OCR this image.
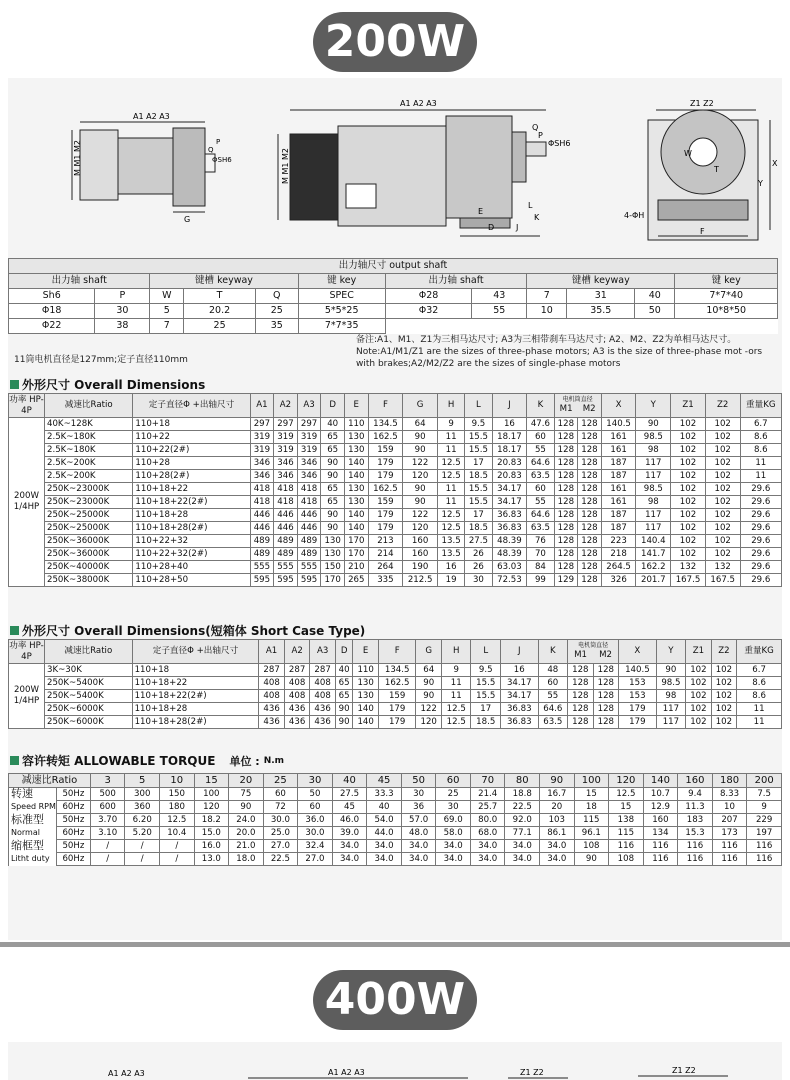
200W
A1 A2 A3
M M1 M2	Q
ΦSH6
P
G
A1 A2 A3
M M1 M2
Q
P
ΦSH6
E
D
L
K
J
Z1 Z2
W
T
X
Y
4-ΦH
F
出力轴尺寸 output shaft											
出力轴 shaft		键槽 keyway			键 key	出力轴 shaft		键槽 keyway			键 key
Sh6	P	W	T	Q	SPEC	Φ28	43	7	31	40	7*7*40
Φ18	30	5	20.2	25	5*5*25	Φ32	55	10	35.5	50	10*8*50
Φ22	38	7	25	35	7*7*35						
11筒电机直径是127mm;定子直径110mm
备注:A1、M1、Z1为三相马达尺寸; A3为三相带刹车马达尺寸; A2、M2、Z2为单相马达尺寸。
Note:A1/M1/Z1 are the sizes of three-phase motors; A3 is the size of three-phase mot -ors with brakes;A2/M2/Z2 are the sizes of single-phase motors
外形尺寸 Overall Dimensions
功率 HP-4P	减速比Ratio	定子直径Φ +出轴尺寸	A1	A2	A3	D	E	F	G	H	L	J	K	电机筒直径
M1 M2		X	Y	Z1	Z2	重量KG
200W 1/4HP	40K~128K	110+18	297	297	297	40	110	134.5	64	9	9.5	16	47.6	128	128	140.5	90	102	102	6.7
	2.5K~180K	110+22	319	319	319	65	130	162.5	90	11	15.5	18.17	60	128	128	161	98.5	102	102	8.6
	2.5K~180K	110+22(2#)	319	319	319	65	130	159	90	11	15.5	18.17	55	128	128	161	98	102	102	8.6
	2.5K~200K	110+28	346	346	346	90	140	179	122	12.5	17	20.83	64.6	128	128	187	117	102	102	11
	2.5K~200K	110+28(2#)	346	346	346	90	140	179	120	12.5	18.5	20.83	63.5	128	128	187	117	102	102	11
	250K~23000K	110+18+22	418	418	418	65	130	162.5	90	11	15.5	34.17	60	128	128	161	98.5	102	102	29.6
	250K~23000K	110+18+22(2#)	418	418	418	65	130	159	90	11	15.5	34.17	55	128	128	161	98	102	102	29.6
	250K~25000K	110+18+28	446	446	446	90	140	179	122	12.5	17	36.83	64.6	128	128	187	117	102	102	29.6
	250K~25000K	110+18+28(2#)	446	446	446	90	140	179	120	12.5	18.5	36.83	63.5	128	128	187	117	102	102	29.6
	250K~36000K	110+22+32	489	489	489	130	170	213	160	13.5	27.5	48.39	76	128	128	223	140.4	102	102	29.6
	250K~36000K	110+22+32(2#)	489	489	489	130	170	214	160	13.5	26	48.39	70	128	128	218	141.7	102	102	29.6
	250K~40000K	110+28+40	555	555	555	150	210	264	190	16	26	63.03	84	128	128	264.5	162.2	132	132	29.6
	250K~38000K	110+28+50	595	595	595	170	265	335	212.5	19	30	72.53	99	129	128	326	201.7	167.5	167.5	29.6
外形尺寸 Overall Dimensions(短箱体 Short Case Type)
功率 HP-4P	减速比Ratio	定子直径Φ +出轴尺寸	A1	A2	A3	D	E	F	G	H	L	J	K	电机筒直径
M1 M2		X	Y	Z1	Z2	重量KG
200W 1/4HP	3K~30K	110+18	287	287	287	40	110	134.5	64	9	9.5	16	48	128	128	140.5	90	102	102	6.7
	250K~5400K	110+18+22	408	408	408	65	130	162.5	90	11	15.5	34.17	60	128	128	153	98.5	102	102	8.6
	250K~5400K	110+18+22(2#)	408	408	408	65	130	159	90	11	15.5	34.17	55	128	128	153	98	102	102	8.6
	250K~6000K	110+18+28	436	436	436	90	140	179	122	12.5	17	36.83	64.6	128	128	179	117	102	102	11
	250K~6000K	110+18+28(2#)	436	436	436	90	140	179	120	12.5	18.5	36.83	63.5	128	128	179	117	102	102	11
容许转矩 ALLOWABLE TORQUE 单位 : N.m
减速比Ratio		3	5	10	15	20	25	30	40	45	50	60	70	80	90	100	120	140	160	180	200
转速	50Hz	500	300	150	100	75	60	50	27.5	33.3	30	25	21.4	18.8	16.7	15	12.5	10.7	9.4	8.33	7.5
Speed RPM	60Hz	600	360	180	120	90	72	60	45	40	36	30	25.7	22.5	20	18	15	12.9	11.3	10	9
标准型	50Hz	3.70	6.20	12.5	18.2	24.0	30.0	36.0	46.0	54.0	57.0	69.0	80.0	92.0	103	115	138	160	183	207	229
Normal	60Hz	3.10	5.20	10.4	15.0	20.0	25.0	30.0	39.0	44.0	48.0	58.0	68.0	77.1	86.1	96.1	115	134	15.3	173	197
缩框型	50Hz	/	/	/	16.0	21.0	27.0	32.4	34.0	34.0	34.0	34.0	34.0	34.0	34.0	108	116	116	116	116	116
Litht duty	60Hz	/	/	/	13.0	18.0	22.5	27.0	34.0	34.0	34.0	34.0	34.0	34.0	34.0	90	108	116	116	116	116
400W
A1 A2 A3	A1 A2 A3	Z1 Z2	Z1 Z2
